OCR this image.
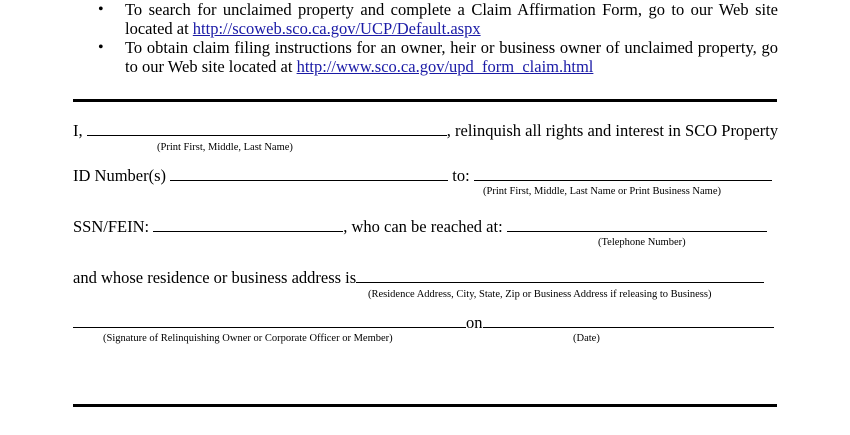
• To search for unclaimed property and complete a Claim Affirmation Form, go to our Web site located at http://scoweb.sco.ca.gov/UCP/Default.aspx
• To obtain claim filing instructions for an owner, heir or business owner of unclaimed property, go to our Web site located at http://www.sco.ca.gov/upd_form_claim.html
I,	, relinquish all rights and interest in SCO Property
(Print First, Middle, Last Name)
ID Number(s)	to:
(Print First, Middle, Last Name or Print Business Name)
SSN/FEIN:	, who can be reached at:
(Telephone Number)
and whose residence or business address is
(Residence Address, City, State, Zip or Business Address if releasing to Business)
on
(Signature of Relinquishing Owner or Corporate Officer or Member)	(Date)
